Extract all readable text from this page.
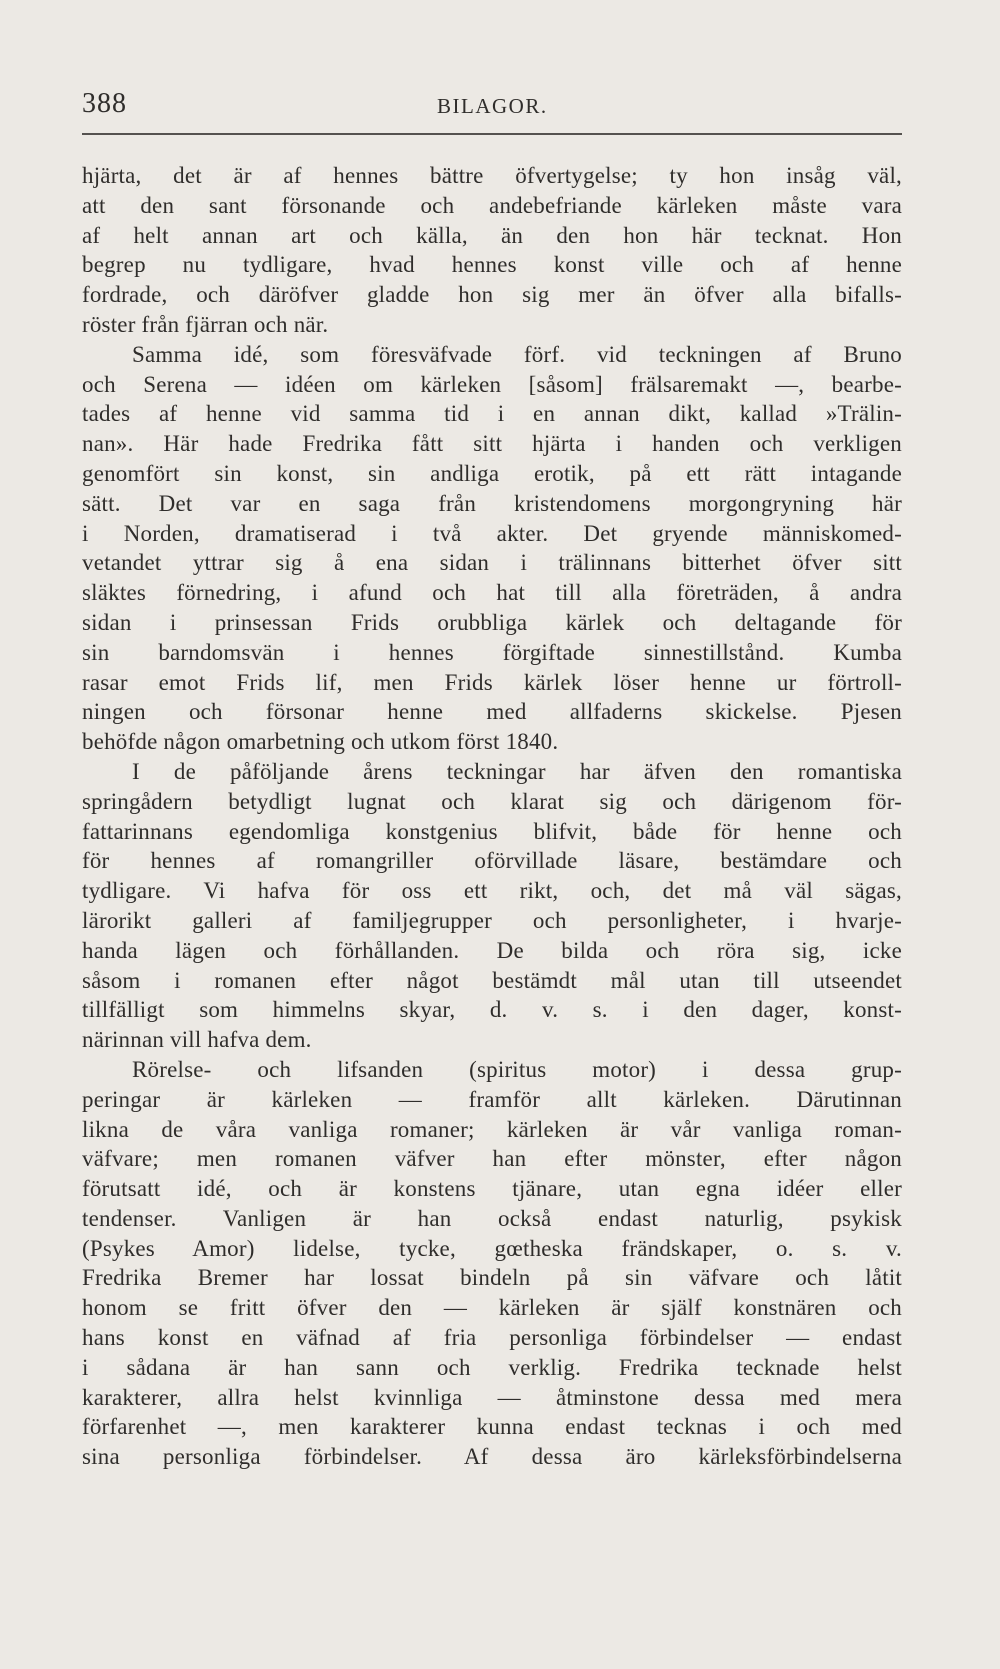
388	BILAGOR.
hjärta, det är af hennes bättre öfvertygelse; ty hon insåg väl,
att den sant försonande och andebefriande kärleken måste vara
af helt annan art och källa, än den hon här tecknat. Hon
begrep nu tydligare, hvad hennes konst ville och af henne
fordrade, och däröfver gladde hon sig mer än öfver alla bifalls-
röster från fjärran och när.
Samma idé, som föresväfvade förf. vid teckningen af Bruno
och Serena — idéen om kärleken [såsom] frälsaremakt —, bearbe-
tades af henne vid samma tid i en annan dikt, kallad »Trälin-
nan». Här hade Fredrika fått sitt hjärta i handen och verkligen
genomfört sin konst, sin andliga erotik, på ett rätt intagande
sätt. Det var en saga från kristendomens morgongryning här
i Norden, dramatiserad i två akter. Det gryende människomed-
vetandet yttrar sig å ena sidan i trälinnans bitterhet öfver sitt
släktes förnedring, i afund och hat till alla företräden, å andra
sidan i prinsessan Frids orubbliga kärlek och deltagande för
sin barndomsvän i hennes förgiftade sinnestillstånd. Kumba
rasar emot Frids lif, men Frids kärlek löser henne ur förtroll-
ningen och försonar henne med allfaderns skickelse. Pjesen
behöfde någon omarbetning och utkom först 1840.
I de påföljande årens teckningar har äfven den romantiska
springådern betydligt lugnat och klarat sig och därigenom för-
fattarinnans egendomliga konstgenius blifvit, både för henne och
för hennes af romangriller oförvillade läsare, bestämdare och
tydligare. Vi hafva för oss ett rikt, och, det må väl sägas,
lärorikt galleri af familjegrupper och personligheter, i hvarje-
handa lägen och förhållanden. De bilda och röra sig, icke
såsom i romanen efter något bestämdt mål utan till utseendet
tillfälligt som himmelns skyar, d. v. s. i den dager, konst-
närinnan vill hafva dem.
Rörelse- och lifsanden (spiritus motor) i dessa grup-
peringar är kärleken — framför allt kärleken. Därutinnan
likna de våra vanliga romaner; kärleken är vår vanliga roman-
väfvare; men romanen väfver han efter mönster, efter någon
förutsatt idé, och är konstens tjänare, utan egna idéer eller
tendenser. Vanligen är han också endast naturlig, psykisk
(Psykes Amor) lidelse, tycke, gœtheska frändskaper, o. s. v.
Fredrika Bremer har lossat bindeln på sin väfvare och låtit
honom se fritt öfver den — kärleken är själf konstnären och
hans konst en väfnad af fria personliga förbindelser — endast
i sådana är han sann och verklig. Fredrika tecknade helst
karakterer, allra helst kvinnliga — åtminstone dessa med mera
förfarenhet —, men karakterer kunna endast tecknas i och med
sina personliga förbindelser. Af dessa äro kärleksförbindelserna
